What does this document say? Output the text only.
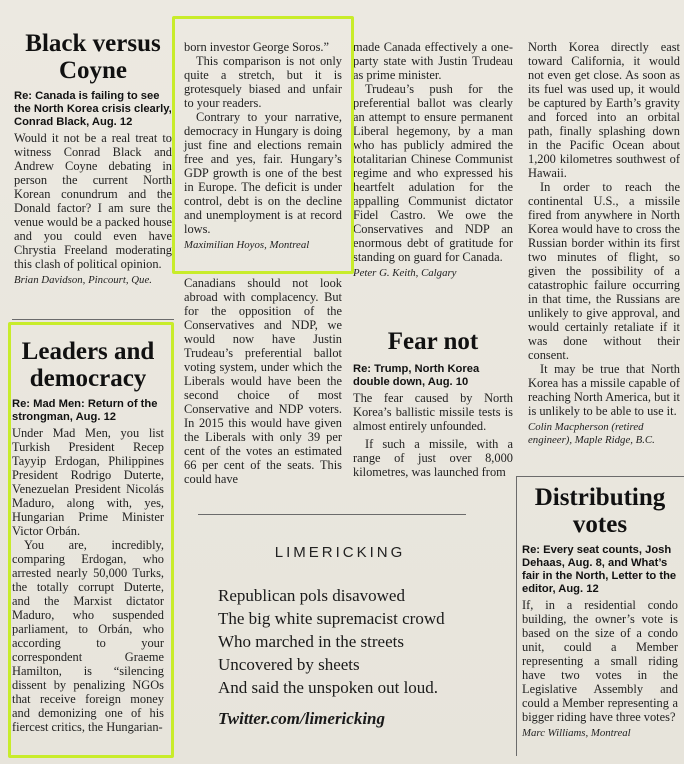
Black versus Coyne
Re: Canada is failing to see the North Korea crisis clearly, Conrad Black, Aug. 12

Would it not be a real treat to witness Conrad Black and Andrew Coyne debating in person the current North Korean conundrum and the Donald factor? I am sure the venue would be a packed house and you could even have Chrystia Freeland moderating this clash of political opinion.

Brian Davidson, Pincourt, Que.
Leaders and democracy
Re: Mad Men: Return of the strongman, Aug. 12

Under Mad Men, you list Turkish President Recep Tayyip Erdogan, Philippines President Rodrigo Duterte, Venezuelan President Nicolás Maduro, along with, yes, Hungarian Prime Minister Victor Orbán.

You are, incredibly, comparing Erdogan, who arrested nearly 50,000 Turks, the totally corrupt Duterte, and the Marxist dictator Maduro, who suspended parliament, to Orbán, who according to your correspondent Graeme Hamilton, is “silencing dissent by penalizing NGOs that receive foreign money and demonizing one of his fiercest critics, the Hungarian-

born investor George Soros.”

This comparison is not only quite a stretch, but it is grotesquely biased and unfair to your readers.

Contrary to your narrative, democracy in Hungary is doing just fine and elections remain free and yes, fair. Hungary’s GDP growth is one of the best in Europe. The deficit is under control, debt is on the decline and unemployment is at record lows.

Maximilian Hoyos, Montreal

Canadians should not look abroad with complacency. But for the opposition of the Conservatives and NDP, we would now have Justin Trudeau’s preferential ballot voting system, under which the Liberals would have been the second choice of most Conservative and NDP voters. In 2015 this would have given the Liberals with only 39 per cent of the votes an estimated 66 per cent of the seats. This could have

made Canada effectively a one-party state with Justin Trudeau as prime minister.

Trudeau’s push for the preferential ballot was clearly an attempt to ensure permanent Liberal hegemony, by a man who has publicly admired the totalitarian Chinese Communist regime and who expressed his heartfelt adulation for the appalling Communist dictator Fidel Castro. We owe the Conservatives and NDP an enormous debt of gratitude for standing on guard for Canada.

Peter G. Keith, Calgary
Fear not
Re: Trump, North Korea double down, Aug. 10

The fear caused by North Korea’s ballistic missile tests is almost entirely unfounded.

If such a missile, with a range of just over 8,000 kilometres, was launched from

North Korea directly east toward California, it would not even get close. As soon as its fuel was used up, it would be captured by Earth’s gravity and forced into an orbital path, finally splashing down in the Pacific Ocean about 1,200 kilometres southwest of Hawaii.

In order to reach the continental U.S., a missile fired from anywhere in North Korea would have to cross the Russian border within its first two minutes of flight, so given the possibility of a catastrophic failure occurring in that time, the Russians are unlikely to give approval, and would certainly retaliate if it was done without their consent.

It may be true that North Korea has a missile capable of reaching North America, but it is unlikely to be able to use it.

Colin Macpherson (retired engineer), Maple Ridge, B.C.
Distributing votes
Re: Every seat counts, Josh Dehaas, Aug. 8, and What’s fair in the North, Letter to the editor, Aug. 12

If, in a residential condo building, the owner’s vote is based on the size of a condo unit, could a Member representing a small riding have two votes in the Legislative Assembly and could a Member representing a bigger riding have three votes?

Marc Williams, Montreal
LIMERICKING
Republican pols disavowed
The big white supremacist crowd
Who marched in the streets
Uncovered by sheets
And said the unspoken out loud.
Twitter.com/limericking
